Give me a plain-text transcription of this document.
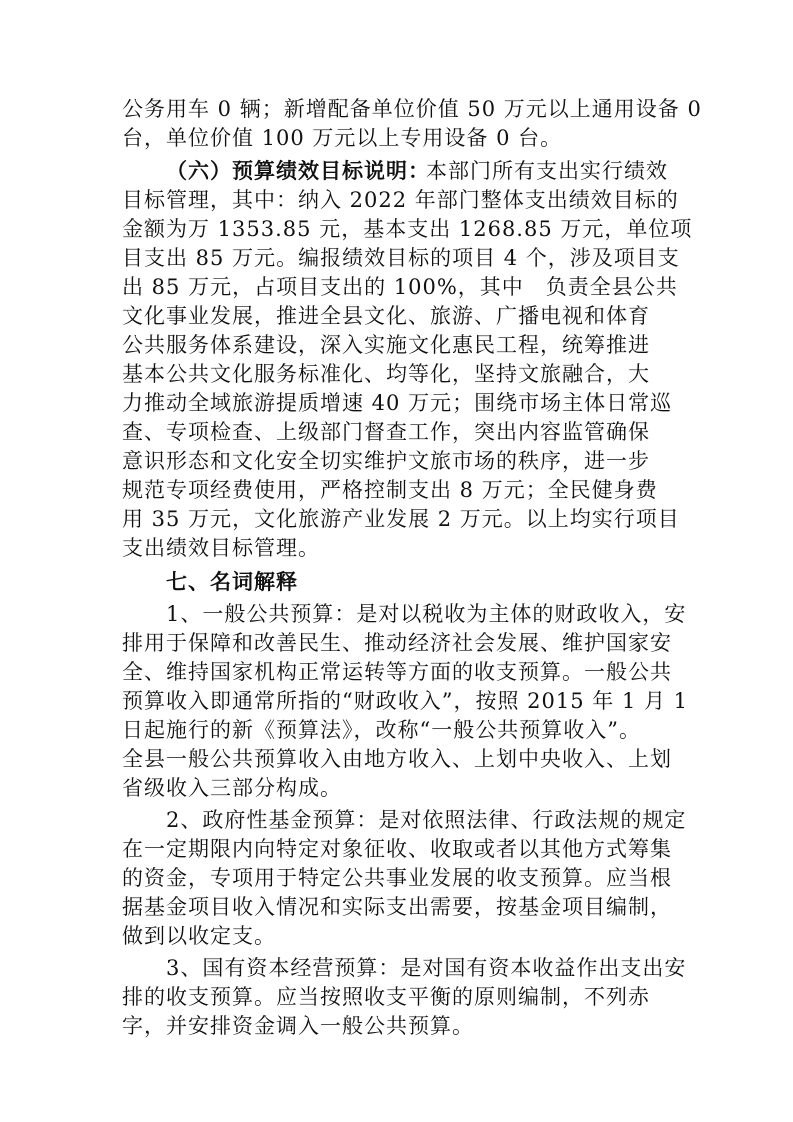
公务用车 0 辆；新增配备单位价值 50 万元以上通用设备 0
台，单位价值 100 万元以上专用设备 0 台。
（六）预算绩效目标说明：
本部门所有支出实行绩效
目标管理，其中：纳入 2022 年部门整体支出绩效目标的
金额为万 1353.85 元，基本支出 1268.85 万元，单位项
目支出 85 万元。编报绩效目标的项目 4 个，涉及项目支
出 85 万元，占项目支出的 100%，其中　负责全县公共
文化事业发展，推进全县文化、旅游、广播电视和体育
公共服务体系建设，深入实施文化惠民工程，统筹推进
基本公共文化服务标准化、均等化，坚持文旅融合，大
力推动全域旅游提质增速 40 万元；围绕市场主体日常巡
查、专项检查、上级部门督查工作，突出内容监管确保
意识形态和文化安全切实维护文旅市场的秩序，进一步
规范专项经费使用，严格控制支出 8 万元；全民健身费
用 35 万元，文化旅游产业发展 2 万元。以上均实行项目
支出绩效目标管理。
七、名词解释
1、一般公共预算：是对以税收为主体的财政收入，安
排用于保障和改善民生、推动经济社会发展、维护国家安
全、维持国家机构正常运转等方面的收支预算。一般公共
预算收入即通常所指的“财政收入”，按照 2015 年 1 月 1
日起施行的新《预算法》，改称“一般公共预算收入”。
全县一般公共预算收入由地方收入、上划中央收入、上划
省级收入三部分构成。
2、政府性基金预算：是对依照法律、行政法规的规定
在一定期限内向特定对象征收、收取或者以其他方式筹集
的资金，专项用于特定公共事业发展的收支预算。应当根
据基金项目收入情况和实际支出需要，按基金项目编制，
做到以收定支。
3、国有资本经营预算：是对国有资本收益作出支出安
排的收支预算。应当按照收支平衡的原则编制，不列赤
字，并安排资金调入一般公共预算。
